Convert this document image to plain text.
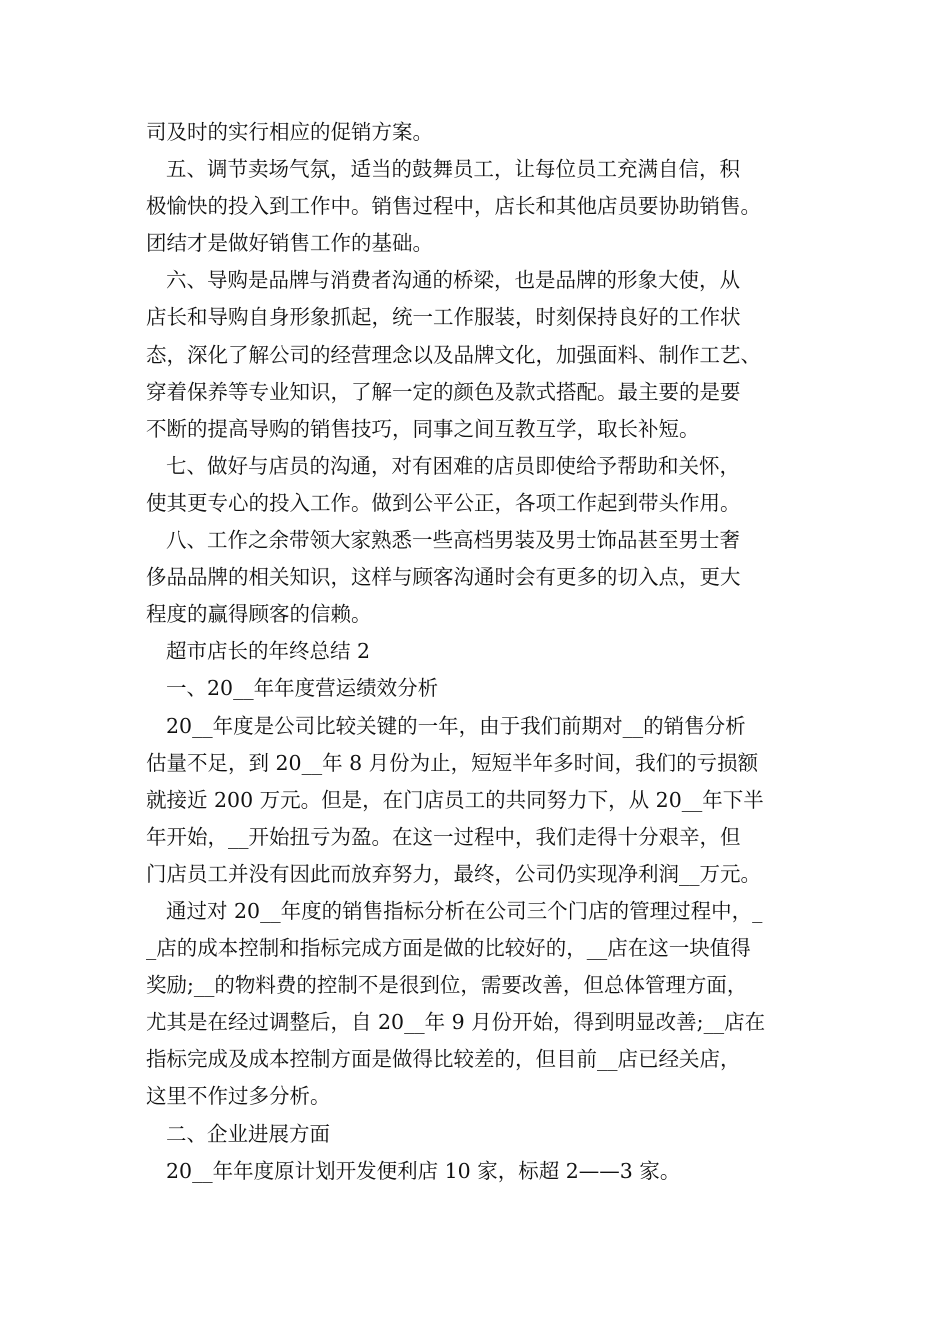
司及时的实行相应的促销方案。
五、调节卖场气氛，适当的鼓舞员工，让每位员工充满自信，积
极愉快的投入到工作中。销售过程中，店长和其他店员要协助销售。
团结才是做好销售工作的基础。
六、导购是品牌与消费者沟通的桥梁，也是品牌的形象大使，从
店长和导购自身形象抓起，统一工作服装，时刻保持良好的工作状
态，深化了解公司的经营理念以及品牌文化，加强面料、制作工艺、
穿着保养等专业知识，了解一定的颜色及款式搭配。最主要的是要
不断的提高导购的销售技巧，同事之间互教互学，取长补短。
七、做好与店员的沟通，对有困难的店员即使给予帮助和关怀，
使其更专心的投入工作。做到公平公正，各项工作起到带头作用。
八、工作之余带领大家熟悉一些高档男装及男士饰品甚至男士奢
侈品品牌的相关知识，这样与顾客沟通时会有更多的切入点，更大
程度的赢得顾客的信赖。
超市店长的年终总结 2
一、20__年年度营运绩效分析
20__年度是公司比较关键的一年，由于我们前期对__的销售分析
估量不足，到 20__年 8 月份为止，短短半年多时间，我们的亏损额
就接近 200 万元。但是，在门店员工的共同努力下，从 20__年下半
年开始，__开始扭亏为盈。在这一过程中，我们走得十分艰辛，但
门店员工并没有因此而放弃努力，最终，公司仍实现净利润__万元。
通过对 20__年度的销售指标分析在公司三个门店的管理过程中，_
_店的成本控制和指标完成方面是做的比较好的，__店在这一块值得
奖励;__的物料费的控制不是很到位，需要改善，但总体管理方面，
尤其是在经过调整后，自 20__年 9 月份开始，得到明显改善;__店在
指标完成及成本控制方面是做得比较差的，但目前__店已经关店，
这里不作过多分析。
二、企业进展方面
20__年年度原计划开发便利店 10 家，标超 2——3 家。
